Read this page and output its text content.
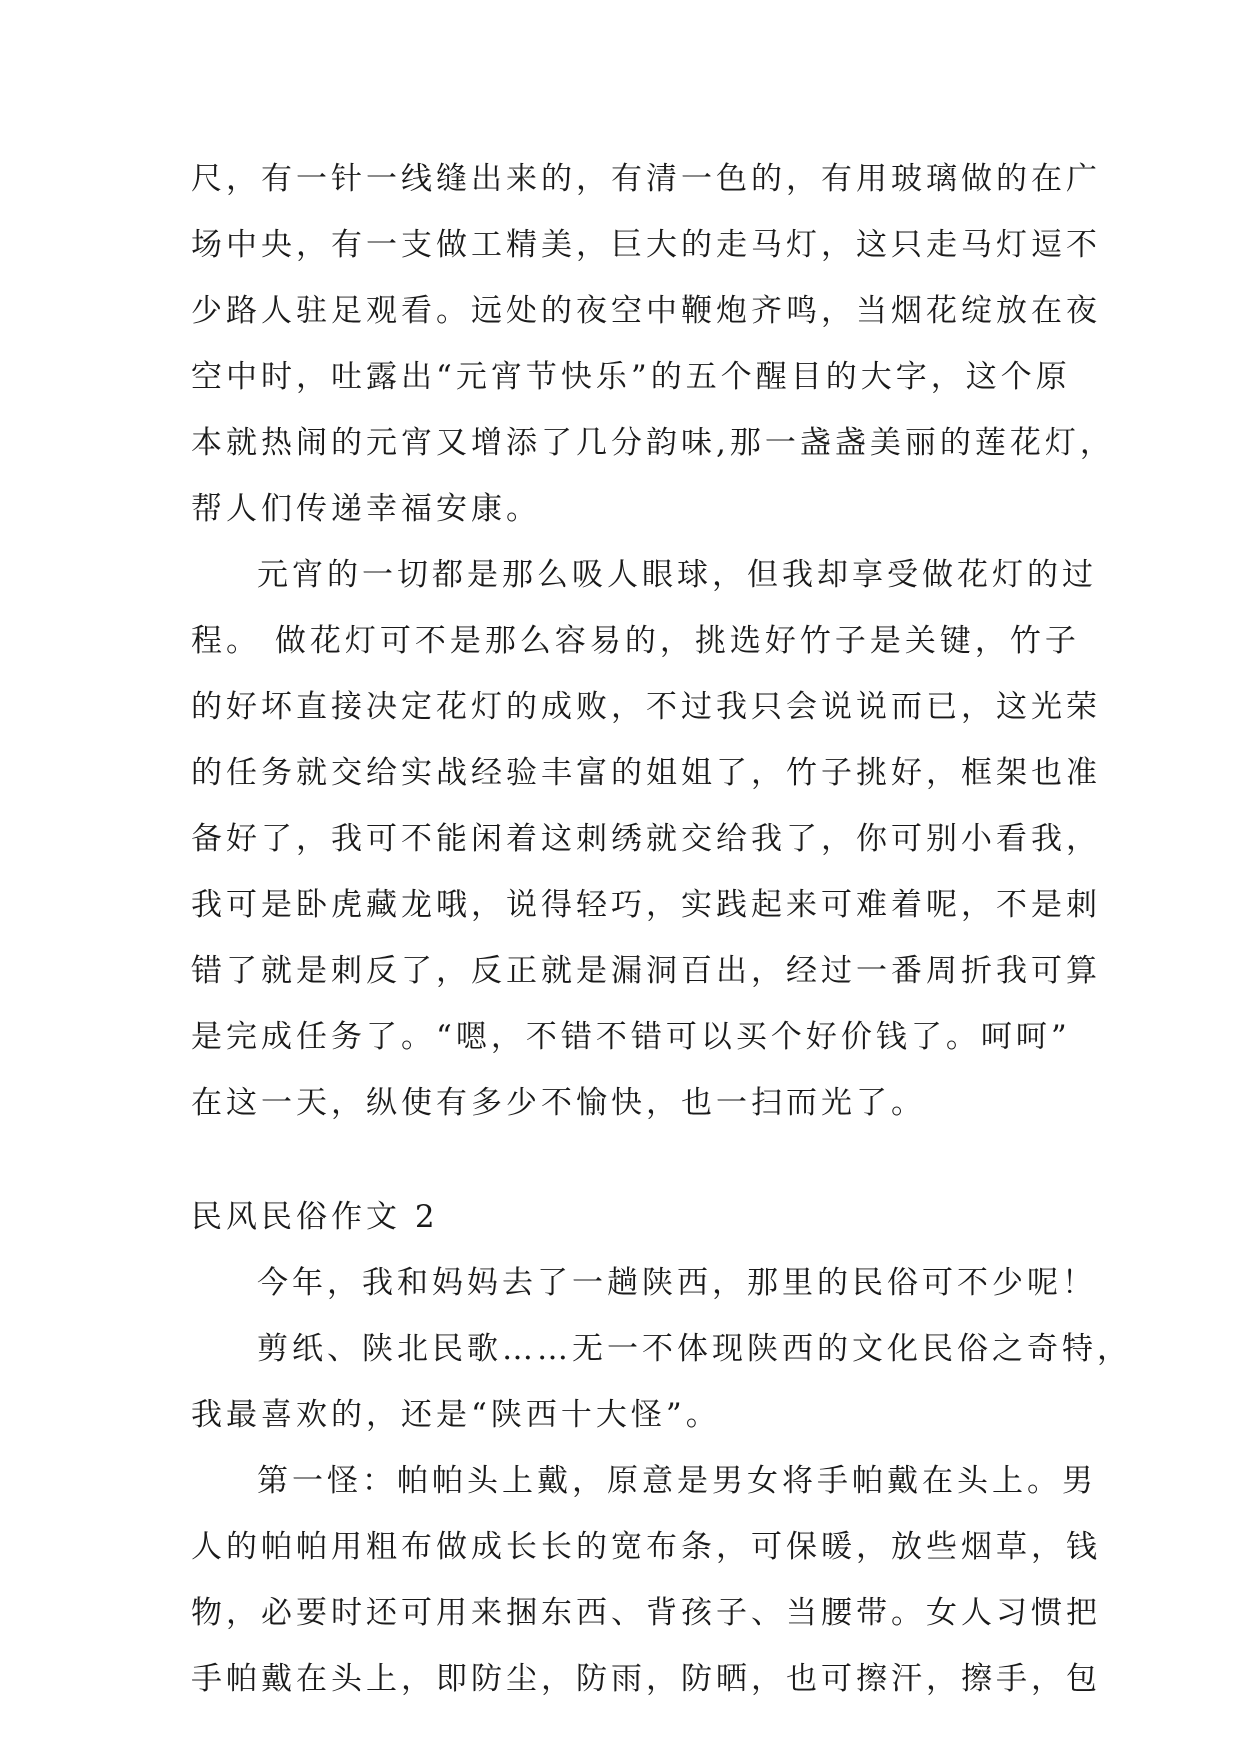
尺，有一针一线缝出来的，有清一色的，有用玻璃做的在广
场中央，有一支做工精美，巨大的走马灯，这只走马灯逗不
少路人驻足观看。远处的夜空中鞭炮齐鸣，当烟花绽放在夜
空中时，吐露出“元宵节快乐”的五个醒目的大字，这个原
本就热闹的元宵又增添了几分韵味,那一盏盏美丽的莲花灯，
帮人们传递幸福安康。
元宵的一切都是那么吸人眼球，但我却享受做花灯的过
程。 做花灯可不是那么容易的，挑选好竹子是关键，竹子
的好坏直接决定花灯的成败，不过我只会说说而已，这光荣
的任务就交给实战经验丰富的姐姐了，竹子挑好，框架也准
备好了，我可不能闲着这刺绣就交给我了，你可别小看我，
我可是卧虎藏龙哦，说得轻巧，实践起来可难着呢，不是刺
错了就是刺反了，反正就是漏洞百出，经过一番周折我可算
是完成任务了。“嗯，不错不错可以买个好价钱了。呵呵”
在这一天，纵使有多少不愉快，也一扫而光了。
民风民俗作文 2
今年，我和妈妈去了一趟陕西，那里的民俗可不少呢！
剪纸、陕北民歌……无一不体现陕西的文化民俗之奇特，
我最喜欢的，还是“陕西十大怪”。
第一怪：帕帕头上戴，原意是男女将手帕戴在头上。男
人的帕帕用粗布做成长长的宽布条，可保暖，放些烟草，钱
物，必要时还可用来捆东西、背孩子、当腰带。女人习惯把
手帕戴在头上，即防尘，防雨，防晒，也可擦汗，擦手，包
